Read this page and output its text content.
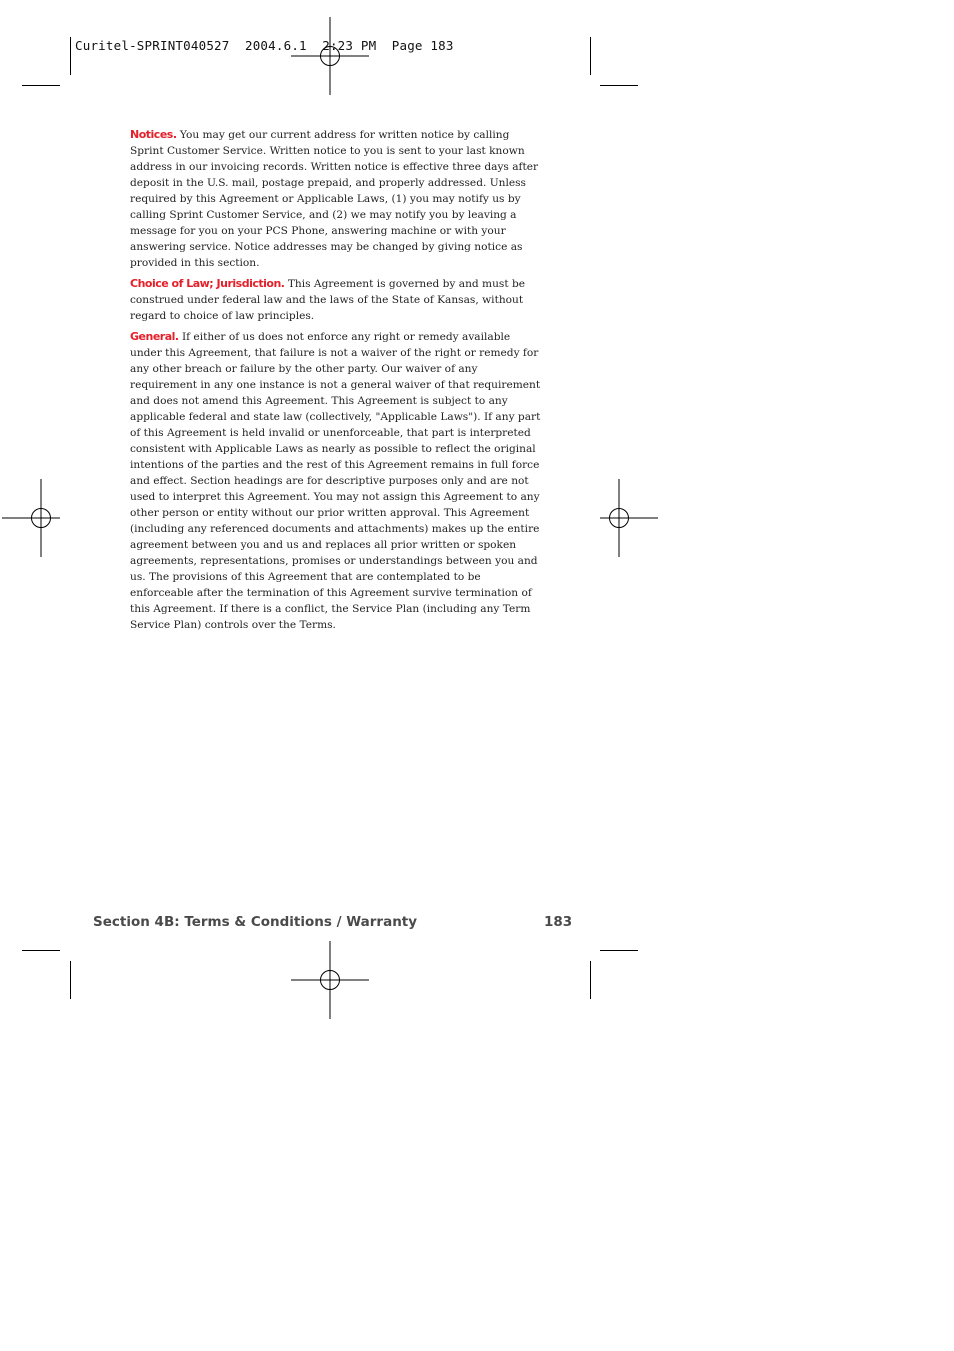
Curitel-SPRINT040527  2004.6.1  2:23 PM  Page 183

Notices. You may get our current address for written notice by calling Sprint Customer Service. Written notice to you is sent to your last known address in our invoicing records. Written notice is effective three days after deposit in the U.S. mail, postage prepaid, and properly addressed. Unless required by this Agreement or Applicable Laws, (1) you may notify us by calling Sprint Customer Service, and (2) we may notify you by leaving a message for you on your PCS Phone, answering machine or with your answering service. Notice addresses may be changed by giving notice as provided in this section.

Choice of Law; Jurisdiction. This Agreement is governed by and must be construed under federal law and the laws of the State of Kansas, without regard to choice of law principles.

General. If either of us does not enforce any right or remedy available under this Agreement, that failure is not a waiver of the right or remedy for any other breach or failure by the other party. Our waiver of any requirement in any one instance is not a general waiver of that requirement and does not amend this Agreement. This Agreement is subject to any applicable federal and state law (collectively, "Applicable Laws"). If any part of this Agreement is held invalid or unenforceable, that part is interpreted consistent with Applicable Laws as nearly as possible to reflect the original intentions of the parties and the rest of this Agreement remains in full force and effect. Section headings are for descriptive purposes only and are not used to interpret this Agreement. You may not assign this Agreement to any other person or entity without our prior written approval. This Agreement (including any referenced documents and attachments) makes up the entire agreement between you and us and replaces all prior written or spoken agreements, representations, promises or understandings between you and us. The provisions of this Agreement that are contemplated to be enforceable after the termination of this Agreement survive termination of this Agreement. If there is a conflict, the Service Plan (including any Term Service Plan) controls over the Terms.

Section 4B: Terms & Conditions / Warranty	183
